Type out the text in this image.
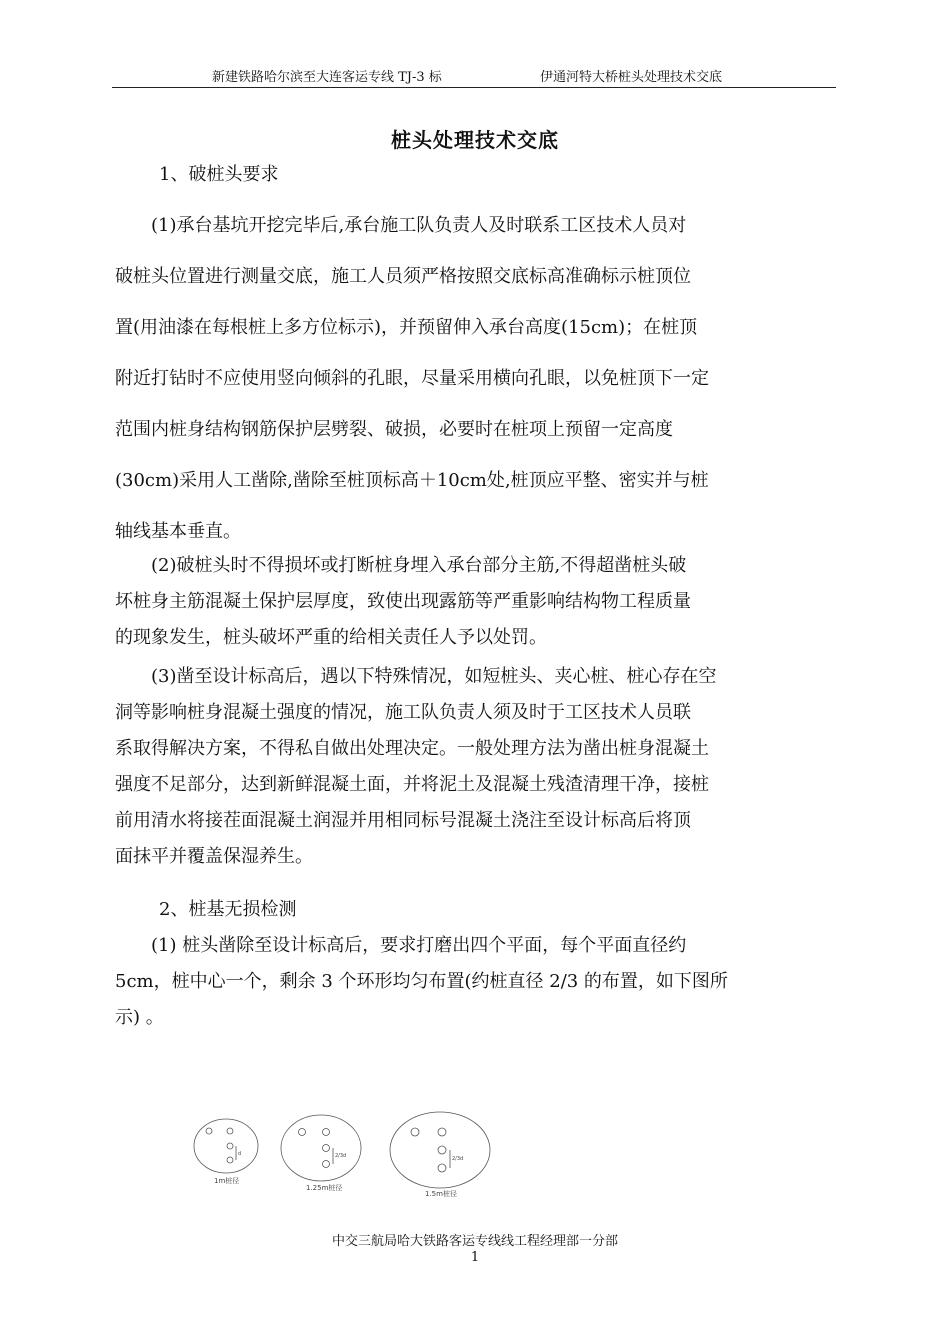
新建铁路哈尔滨至大连客运专线 TJ-3 标	伊通河特大桥桩头处理技术交底
桩头处理技术交底
1、破桩头要求
(1)承台基坑开挖完毕后,承台施工队负责人及时联系工区技术人员对
破桩头位置进行测量交底，施工人员须严格按照交底标高准确标示桩顶位
置(用油漆在每根桩上多方位标示)，并预留伸入承台高度(15cm)；在桩顶
附近打钻时不应使用竖向倾斜的孔眼，尽量采用横向孔眼，以免桩顶下一定
范围内桩身结构钢筋保护层劈裂、破损，必要时在桩项上预留一定高度
(30cm)采用人工凿除,凿除至桩顶标高＋10cm处,桩顶应平整、密实并与桩
轴线基本垂直。
(2)破桩头时不得损坏或打断桩身埋入承台部分主筋,不得超凿桩头破
坏桩身主筋混凝土保护层厚度，致使出现露筋等严重影响结构物工程质量
的现象发生，桩头破坏严重的给相关责任人予以处罚。
(3)凿至设计标高后，遇以下特殊情况，如短桩头、夹心桩、桩心存在空
洞等影响桩身混凝土强度的情况，施工队负责人须及时于工区技术人员联
系取得解决方案，不得私自做出处理决定。一般处理方法为凿出桩身混凝土
强度不足部分，达到新鲜混凝土面，并将泥土及混凝土残渣清理干净，接桩
前用清水将接茬面混凝土润湿并用相同标号混凝土浇注至设计标高后将顶
面抹平并覆盖保湿养生。
2、桩基无损检测
(1) 桩头凿除至设计标高后，要求打磨出四个平面，每个平面直径约
5cm，桩中心一个，剩余 3 个环形均匀布置(约桩直径 2/3 的布置，如下图所
示) 。
1m桩径
d
1.25m桩径
2/3d
1.5m桩径
2/3d
中交三航局哈大铁路客运专线线工程经理部一分部
1
